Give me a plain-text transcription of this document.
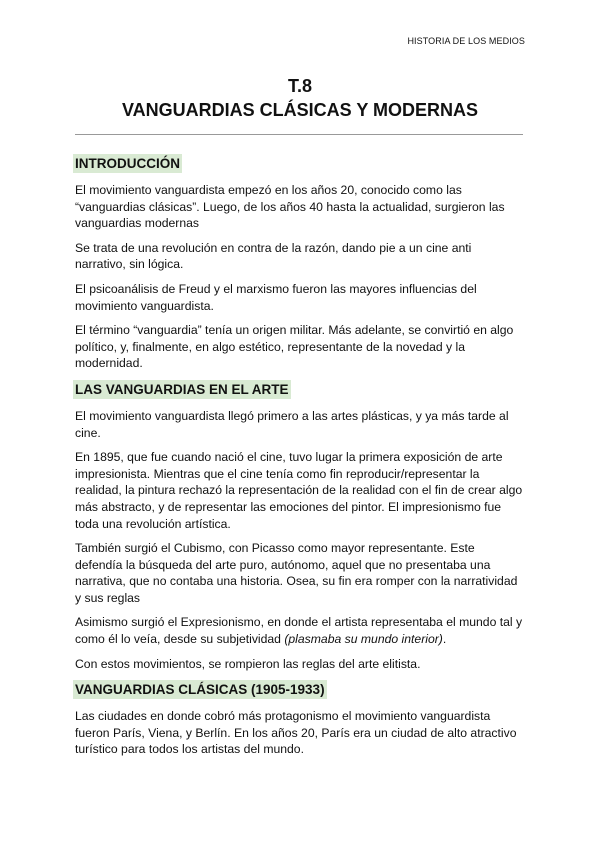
HISTORIA DE LOS MEDIOS
T.8
VANGUARDIAS CLÁSICAS Y MODERNAS
INTRODUCCIÓN

El movimiento vanguardista empezó en los años 20, conocido como las “vanguardias clásicas”. Luego, de los años 40 hasta la actualidad, surgieron las vanguardias modernas

Se trata de una revolución en contra de la razón, dando pie a un cine anti narrativo, sin lógica.

El psicoanálisis de Freud y el marxismo fueron las mayores influencias del movimiento vanguardista.

El término “vanguardia” tenía un origen militar. Más adelante, se convirtió en algo político, y, finalmente, en algo estético, representante de la novedad y la modernidad.

LAS VANGUARDIAS EN EL ARTE

El movimiento vanguardista llegó primero a las artes plásticas, y ya más tarde al cine.

En 1895, que fue cuando nació el cine, tuvo lugar la primera exposición de arte impresionista. Mientras que el cine tenía como fin reproducir/representar la realidad, la pintura rechazó la representación de la realidad con el fin de crear algo más abstracto, y de representar las emociones del pintor. El impresionismo fue toda una revolución artística.

También surgió el Cubismo, con Picasso como mayor representante. Este defendía la búsqueda del arte puro, autónomo, aquel que no presentaba una narrativa, que no contaba una historia. Osea, su fin era romper con la narratividad y sus reglas

Asimismo surgió el Expresionismo, en donde el artista representaba el mundo tal y como él lo veía, desde su subjetividad (plasmaba su mundo interior).

Con estos movimientos, se rompieron las reglas del arte elitista.

VANGUARDIAS CLÁSICAS (1905-1933)

Las ciudades en donde cobró más protagonismo el movimiento vanguardista fueron París, Viena, y Berlín. En los años 20, París era un ciudad de alto atractivo turístico para todos los artistas del mundo.
